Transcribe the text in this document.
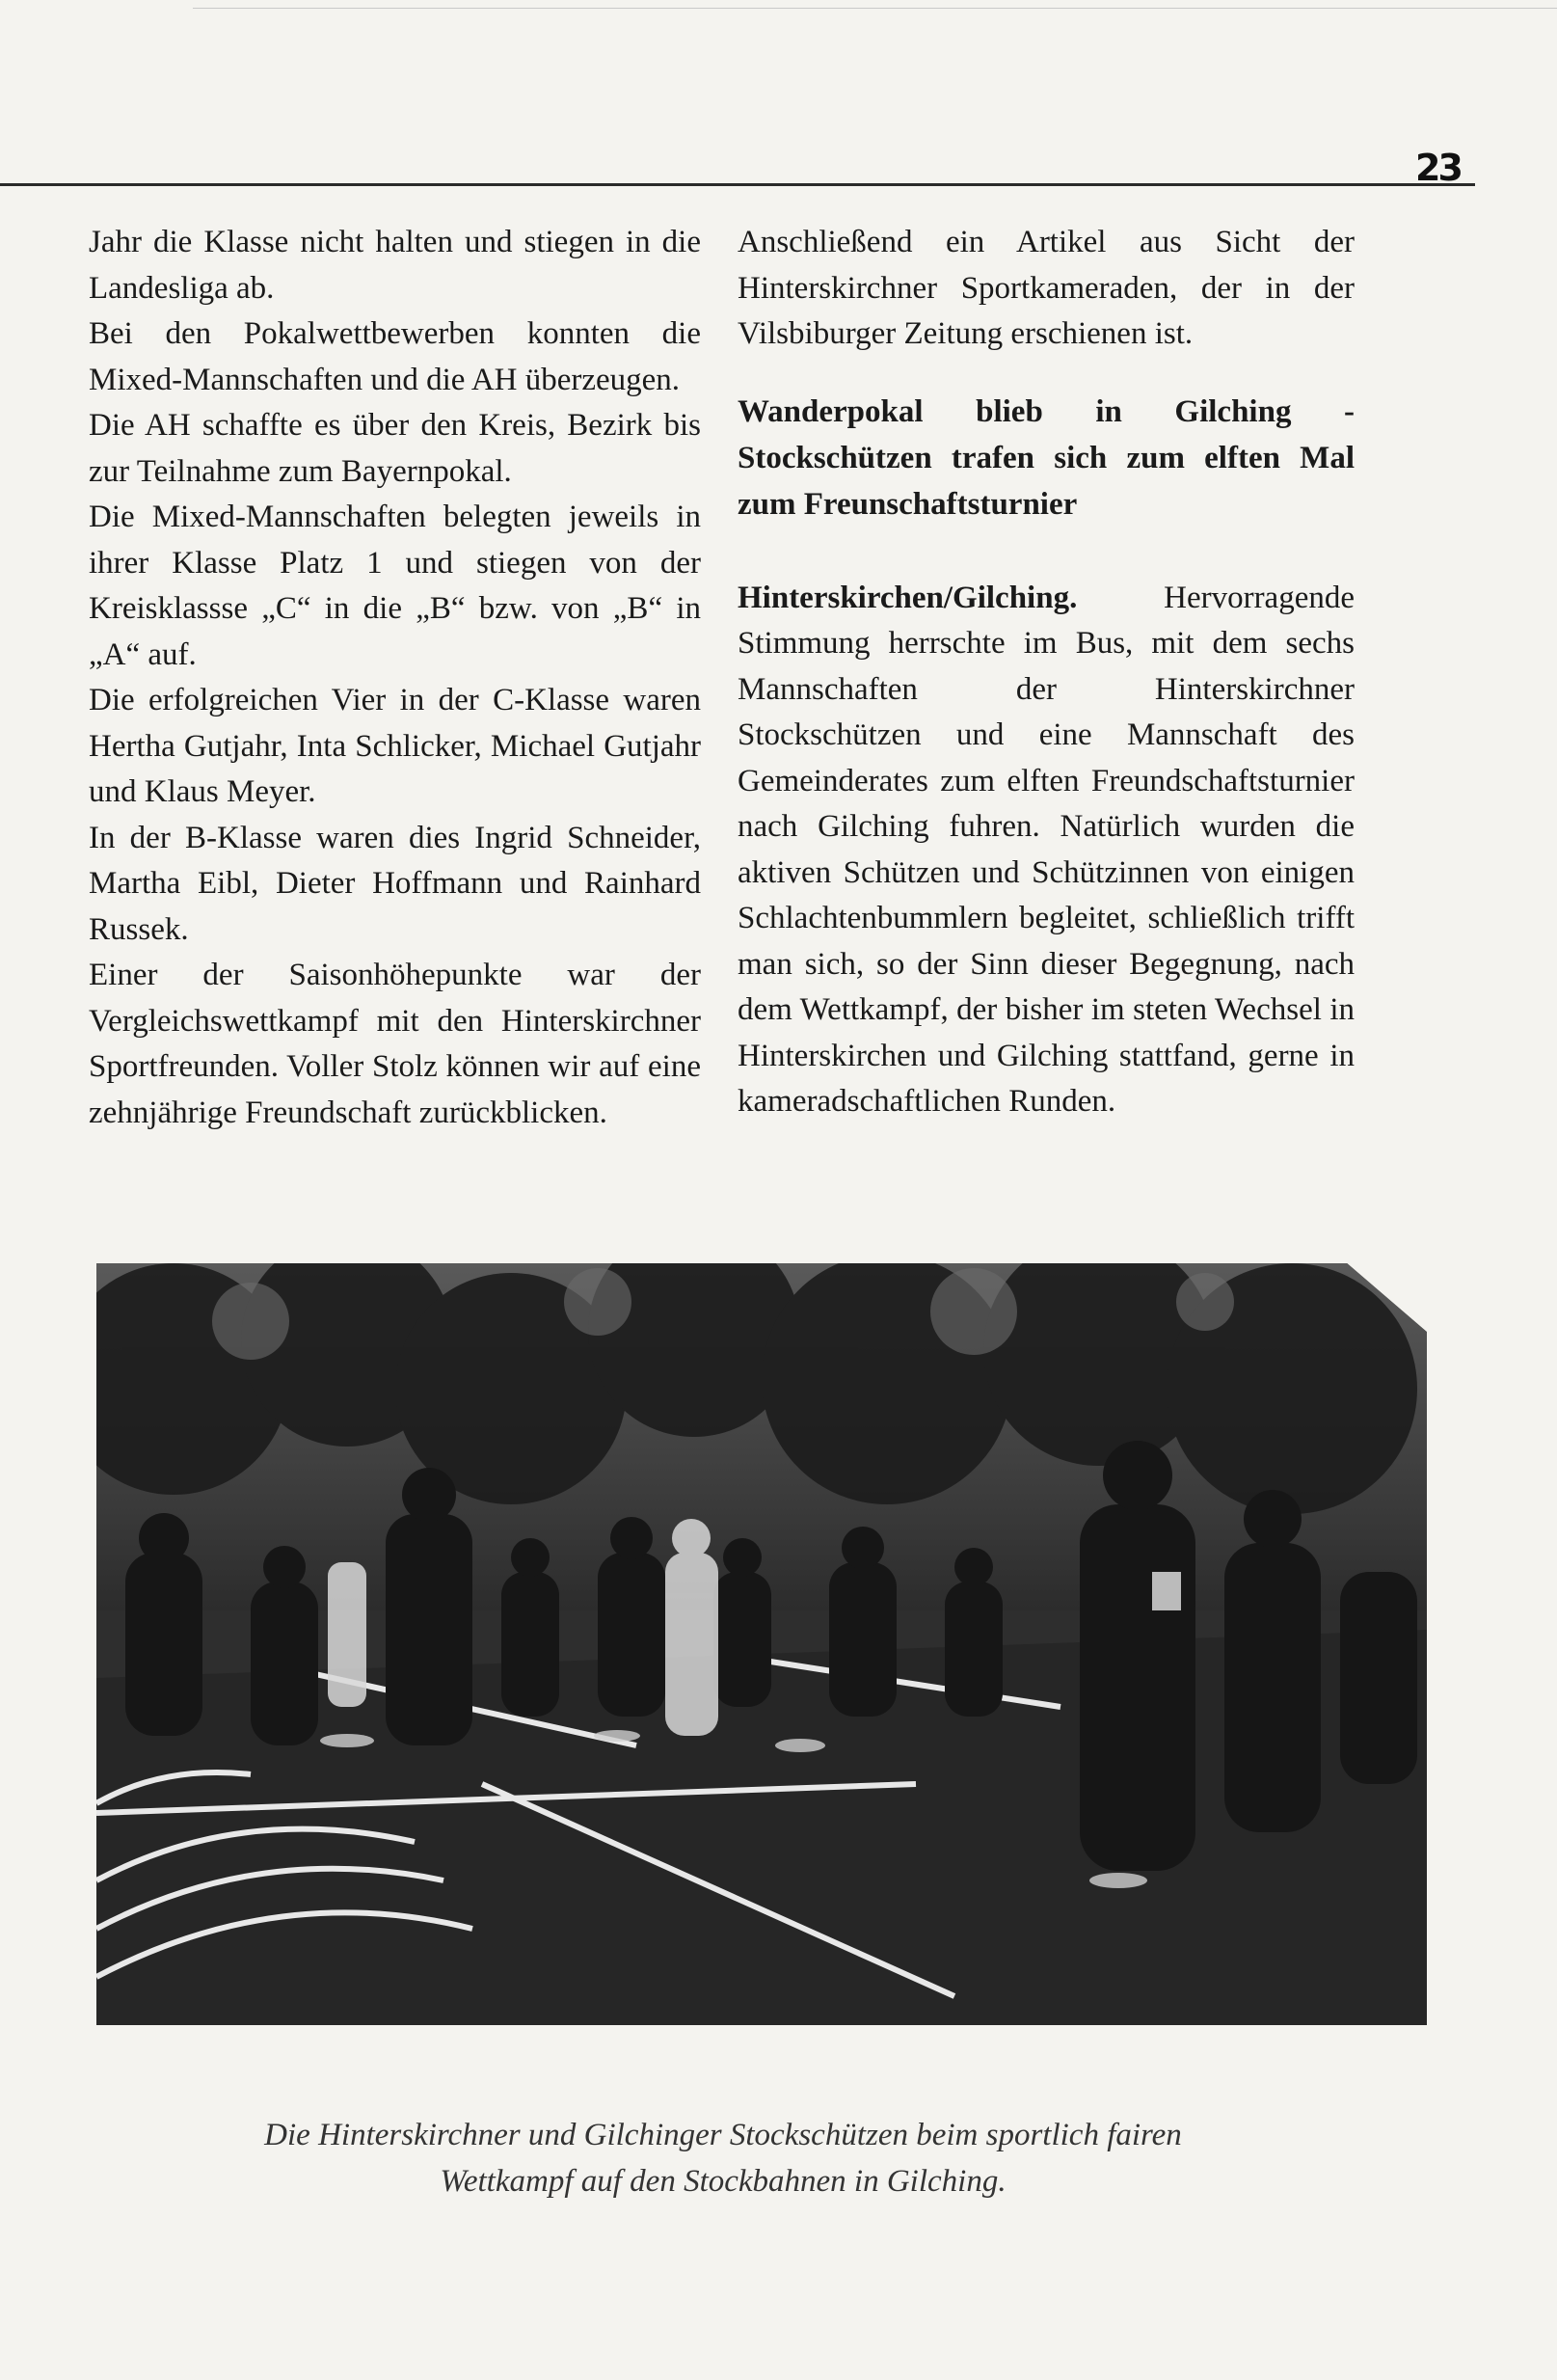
23

Jahr die Klasse nicht halten und stiegen in die Landesliga ab.

Bei den Pokalwettbewerben konnten die Mixed-Mannschaften und die AH überzeugen.

Die AH schaffte es über den Kreis, Bezirk bis zur Teilnahme zum Bayernpokal.

Die Mixed-Mannschaften belegten jeweils in ihrer Klasse Platz 1 und stiegen von der Kreisklassse „C“ in die „B“ bzw. von „B“ in „A“ auf.

Die erfolgreichen Vier in der C-Klasse waren Hertha Gutjahr, Inta Schlicker, Michael Gutjahr und Klaus Meyer.

In der B-Klasse waren dies Ingrid Schneider, Martha Eibl, Dieter Hoffmann und Rainhard Russek.

Einer der Saisonhöhepunkte war der Vergleichswettkampf mit den Hinterskirchner Sportfreunden. Voller Stolz können wir auf eine zehnjährige Freundschaft zurückblicken.

Anschließend ein Artikel aus Sicht der Hinterskirchner Sportkameraden, der in der Vilsbiburger Zeitung erschienen ist.

Wanderpokal blieb in Gilching - Stockschützen trafen sich zum elften Mal zum Freunschaftsturnier

Hinterskirchen/Gilching.	Hervorragende Stimmung herrschte im Bus, mit dem sechs Mannschaften der Hinterskirchner Stockschützen und eine Mannschaft des Gemeinderates zum elften Freundschaftsturnier nach Gilching fuhren. Natürlich wurden die aktiven Schützen und Schützinnen von einigen Schlachtenbummlern begleitet, schließlich trifft man sich, so der Sinn dieser Begegnung, nach dem Wettkampf, der bisher im steten Wechsel in Hinterskirchen und Gilching stattfand, gerne in kameradschaftlichen Runden.

Die Hinterskirchner und Gilchinger Stockschützen beim sportlich fairen

Wettkampf auf den Stockbahnen in Gilching.
